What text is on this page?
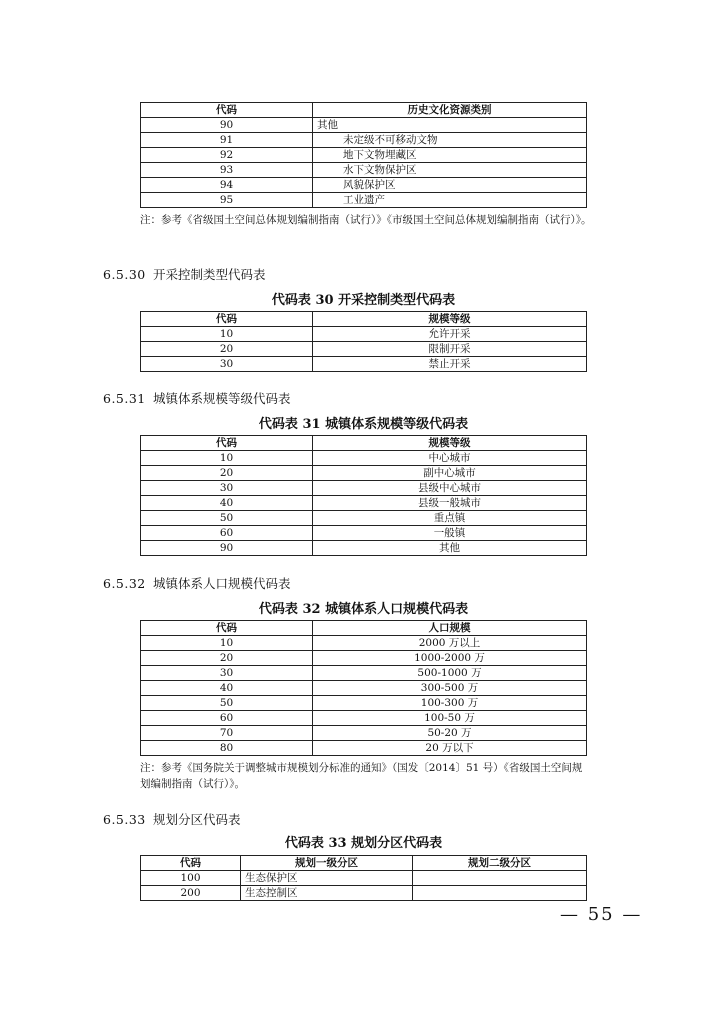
代码	历史文化资源类别
90	其他
91	未定级不可移动文物
92	地下文物埋藏区
93	水下文物保护区
94	风貌保护区
95	工业遗产
注：参考《省级国土空间总体规划编制指南（试行）》《市级国土空间总体规划编制指南（试行）》。
6.5.30 开采控制类型代码表
代码表 30 开采控制类型代码表
代码	规模等级
10	允许开采
20	限制开采
30	禁止开采
6.5.31 城镇体系规模等级代码表
代码表 31 城镇体系规模等级代码表
代码	规模等级
10	中心城市
20	副中心城市
30	县级中心城市
40	县级一般城市
50	重点镇
60	一般镇
90	其他
6.5.32 城镇体系人口规模代码表
代码表 32 城镇体系人口规模代码表
代码	人口规模
10	2000 万以上
20	1000-2000 万
30	500-1000 万
40	300-500 万
50	100-300 万
60	100-50 万
70	50-20 万
80	20 万以下
注：参考《国务院关于调整城市规模划分标准的通知》（国发〔2014〕51 号）《省级国土空间规划编制指南（试行）》。
6.5.33 规划分区代码表
代码表 33 规划分区代码表
代码	规划一级分区	规划二级分区
100	生态保护区	
200	生态控制区	
— 55 —
